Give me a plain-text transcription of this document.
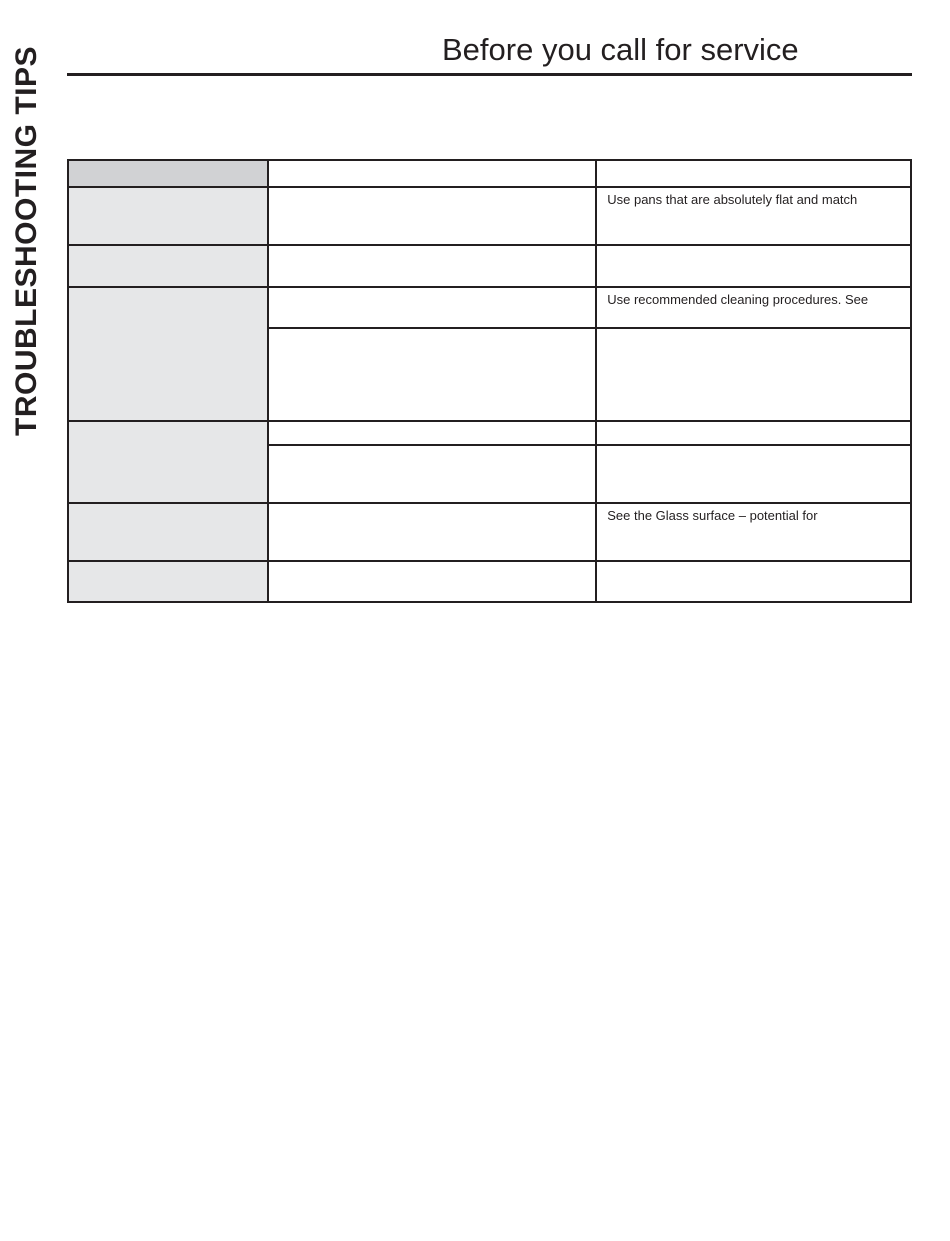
TROUBLESHOOTING TIPS	Before you call for service

		Use pans that are absolutely flat and match

		Use recommended cleaning procedures. See

		See the Glass surface – potential for
